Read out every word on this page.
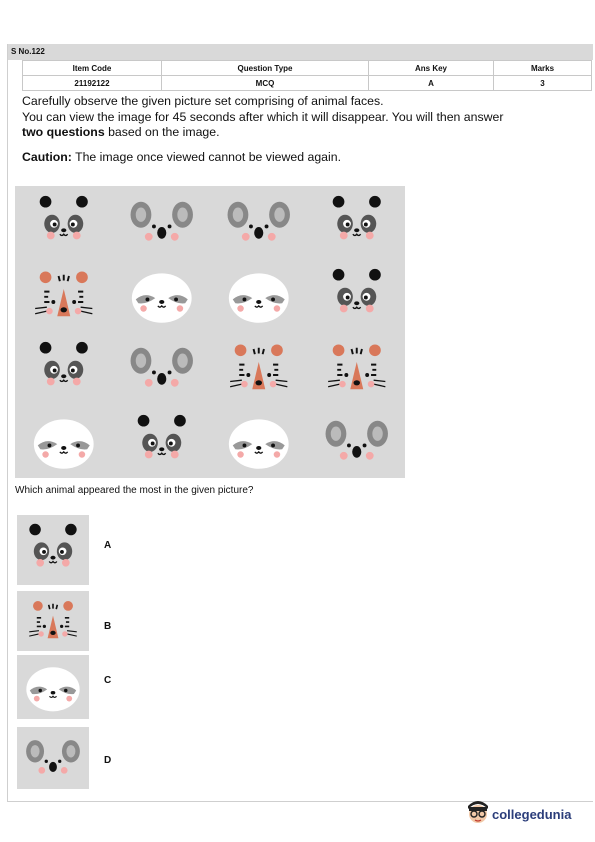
S No.122
Item Code	Question Type	Ans Key	Marks
21192122	MCQ	A	3

Carefully observe the given picture set comprising of animal faces.

You can view the image for 45 seconds after which it will disappear. You will then answer

two questions based on the image.

Caution: The image once viewed cannot be viewed again.

Which animal appeared the most in the given picture?
A
B
C
D
collegedunia
